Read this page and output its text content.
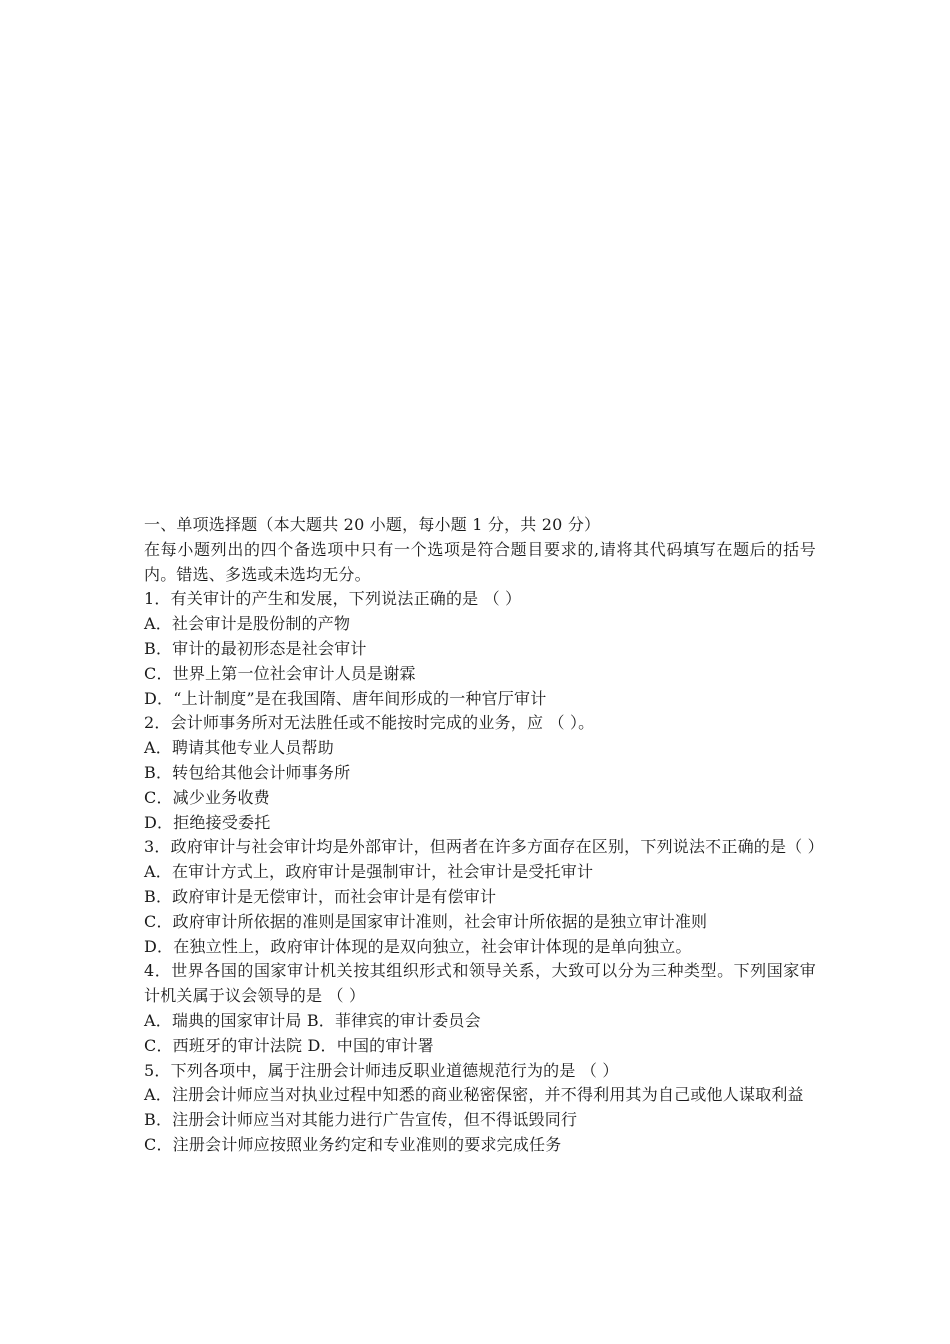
一、单项选择题（本大题共 20 小题，每小题 1 分，共 20 分）
在每小题列出的四个备选项中只有一个选项是符合题目要求的,请将其代码填写在题后的括号内。错选、多选或未选均无分。
1．有关审计的产生和发展，下列说法正确的是 （ ）
A．社会审计是股份制的产物
B．审计的最初形态是社会审计
C．世界上第一位社会审计人员是谢霖
D．“上计制度”是在我国隋、唐年间形成的一种官厅审计
2．会计师事务所对无法胜任或不能按时完成的业务，应 （ ）。
A．聘请其他专业人员帮助
B．转包给其他会计师事务所
C．减少业务收费
D．拒绝接受委托
3．政府审计与社会审计均是外部审计，但两者在许多方面存在区别，下列说法不正确的是（ ）
A．在审计方式上，政府审计是强制审计，社会审计是受托审计
B．政府审计是无偿审计，而社会审计是有偿审计
C．政府审计所依据的准则是国家审计准则，社会审计所依据的是独立审计准则
D．在独立性上，政府审计体现的是双向独立，社会审计体现的是单向独立。
4．世界各国的国家审计机关按其组织形式和领导关系，大致可以分为三种类型。下列国家审计机关属于议会领导的是 （ ）
A．瑞典的国家审计局 B．菲律宾的审计委员会
C．西班牙的审计法院 D．中国的审计署
5．下列各项中，属于注册会计师违反职业道德规范行为的是 （ ）
A．注册会计师应当对执业过程中知悉的商业秘密保密，并不得利用其为自己或他人谋取利益
B．注册会计师应当对其能力进行广告宣传，但不得诋毁同行
C．注册会计师应按照业务约定和专业准则的要求完成任务
